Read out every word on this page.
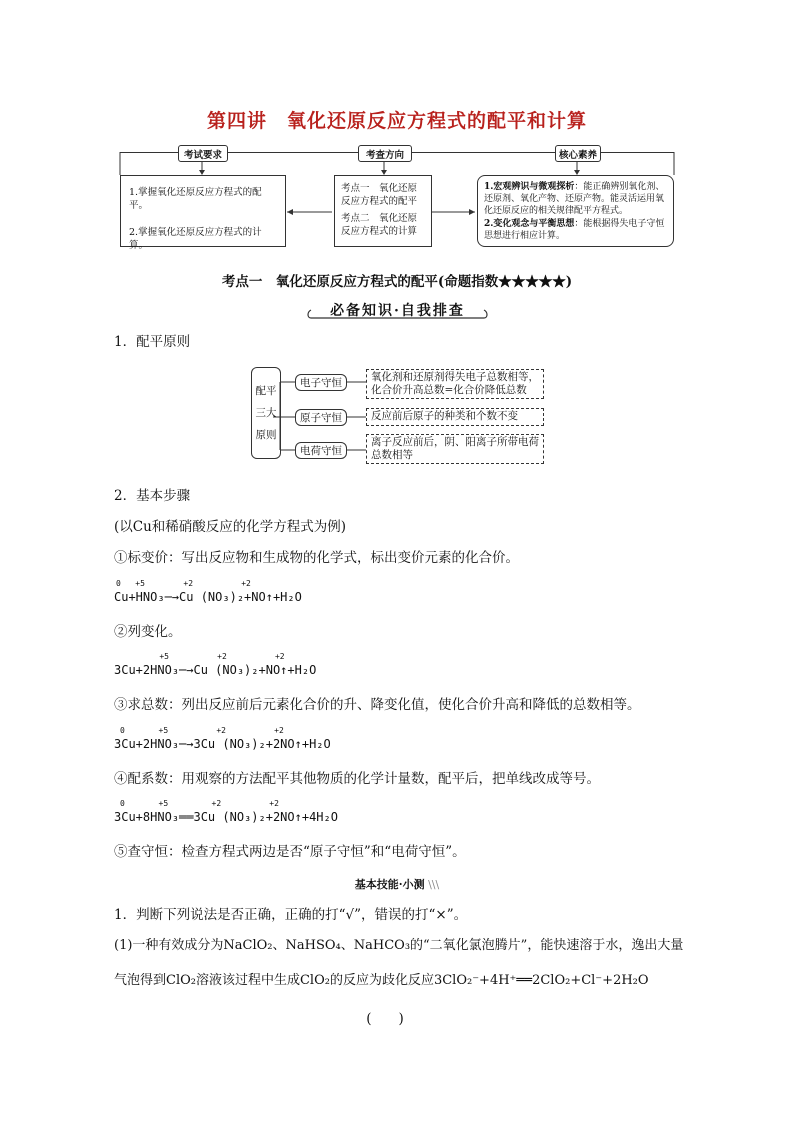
第四讲　氧化还原反应方程式的配平和计算
考试要求	考查方向	核心素养
1.掌握氧化还原反应方程式的配平。
2.掌握氧化还原反应方程式的计算。
考点一　氧化还原反应方程式的配平
考点二　氧化还原反应方程式的计算
1.宏观辨识与微观探析：能正确辨别氧化剂、还原剂、氧化产物、还原产物。能灵活运用氧化还原反应的相关规律配平方程式。
2.变化观念与平衡思想：能根据得失电子守恒思想进行相应计算。
考点一　氧化还原反应方程式的配平(命题指数★★★★★)
必备知识·自我排查
1．配平原则
配平
三大
原则
电子守恒
原子守恒
电荷守恒
氧化剂和还原剂得失电子总数相等，化合价升高总数=化合价降低总数
反应前后原子的种类和个数不变
离子反应前后，阴、阳离子所带电荷总数相等
2．基本步骤
(以Cu和稀硝酸反应的化学方程式为例)
①标变价：写出反应物和生成物的化学式，标出变价元素的化合价。
0   +5        +2          +2
Cu+HNO₃─→Cu (NO₃)₂+NO↑+H₂O
②列变化。
+5          +2          +2
3Cu+2HNO₃─→Cu (NO₃)₂+NO↑+H₂O
③求总数：列出反应前后元素化合价的升、降变化值，使化合价升高和降低的总数相等。
0       +5          +2          +2
3Cu+2HNO₃─→3Cu (NO₃)₂+2NO↑+H₂O
④配系数：用观察的方法配平其他物质的化学计量数，配平后，把单线改成等号。
0       +5         +2          +2
3Cu+8HNO₃══3Cu (NO₃)₂+2NO↑+4H₂O
⑤查守恒：检查方程式两边是否“原子守恒”和“电荷守恒”。
基本技能·小测 \\\
1．判断下列说法是否正确，正确的打“√”，错误的打“×”。
(1)一种有效成分为NaClO₂、NaHSO₄、NaHCO₃的“二氧化氯泡腾片”，能快速溶于水，逸出大量
气泡得到ClO₂溶液该过程中生成ClO₂的反应为歧化反应3ClO₂⁻+4H⁺══2ClO₂+Cl⁻+2H₂O
(　　)
